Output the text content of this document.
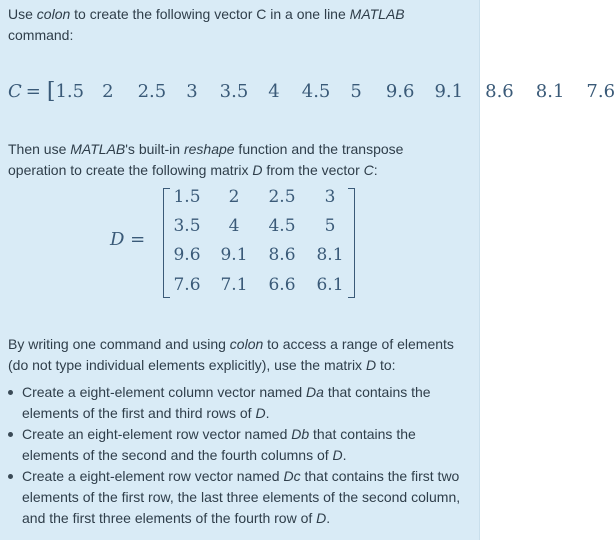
Use colon to create the following vector C in a one line MATLAB
command:
C = [1.5 2 2.5 3 3.5 4 4.5 5 9.6 9.1 8.6 8.1 7.6
Then use MATLAB's built-in reshape function and the transpose
operation to create the following matrix D from the vector C:
D =
1.5	2	2.5	3
3.5	4	4.5	5
9.6	9.1	8.6	8.1
7.6	7.1	6.6	6.1
By writing one command and using colon to access a range of elements
(do not type individual elements explicitly), use the matrix D to:
Create a eight-element column vector named Da that contains the
elements of the first and third rows of D.
Create an eight-element row vector named Db that contains the
elements of the second and the fourth columns of D.
Create a eight-element row vector named Dc that contains the first two
elements of the first row, the last three elements of the second column,
and the first three elements of the fourth row of D.
